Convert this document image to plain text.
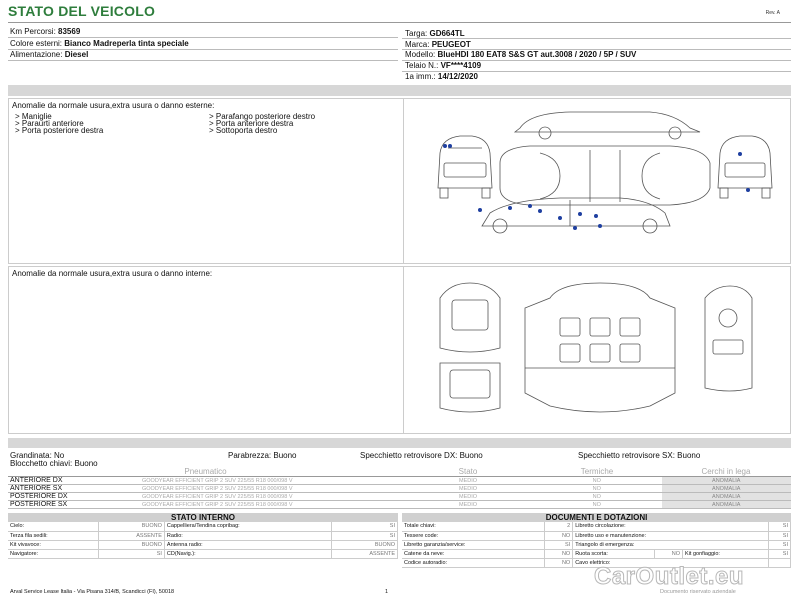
STATO DEL VEICOLO	Rev. A
Km Percorsi: 83569
Colore esterni: Bianco Madreperla tinta speciale
Alimentazione: Diesel
Targa: GD664TL
Marca: PEUGEOT
Modello: BlueHDI 180 EAT8 S&S GT aut.3008 / 2020 / 5P / SUV
Telaio N.: VF****4109
1a imm.: 14/12/2020
Anomalie da normale usura,extra usura o danno esterne:
> Maniglie
> Paraurti anteriore
> Porta posteriore destra
> Parafango posteriore destro
> Porta anteriore destra
> Sottoporta destro
Anomalie da normale usura,extra usura o danno interne:
Grandinata: No	Parabrezza: Buono	Specchietto retrovisore DX: Buono	Specchietto retrovisore SX: Buono
Blocchetto chiavi: Buono
Pneumatico		Stato	Termiche	Cerchi in lega
ANTERIORE DX	GOODYEAR EFFICIENT GRIP 2 SUV 225/55 R18 000/098 V	MEDIO	NO	ANOMALIA
ANTERIORE SX	GOODYEAR EFFICIENT GRIP 2 SUV 225/55 R18 000/098 V	MEDIO	NO	ANOMALIA
POSTERIORE DX	GOODYEAR EFFICIENT GRIP 2 SUV 225/55 R18 000/098 V	MEDIO	NO	ANOMALIA
POSTERIORE SX	GOODYEAR EFFICIENT GRIP 2 SUV 225/55 R18 000/098 V	MEDIO	NO	ANOMALIA
STATO INTERNO
Cielo:	BUONO	Cappelliera/Tendina copribag:	SI
Terza fila sedili:	ASSENTE	Radio:	SI
Kit vivavoce:	BUONO	Antenna radio:	BUONO
Navigatore:	SI	CD(Navig.):	ASSENTE
DOCUMENTI E DOTAZIONI
Totale chiavi:	2	Libretto circolazione:			SI
Tessere code:	NO	Libretto uso e manutenzione:			SI
Libretto garanzia/service:	SI	Triangolo di emergenza:			SI
Catene da neve:	NO	Ruota scorta:	NO	Kit gonfiaggio:	SI
Codice autoradio:	NO	Cavo elettrico:			
Arval Service Lease Italia - Via Pisana 314/B, Scandicci (FI), 50018	1	Documento riservato aziendale
CarOutlet.eu
